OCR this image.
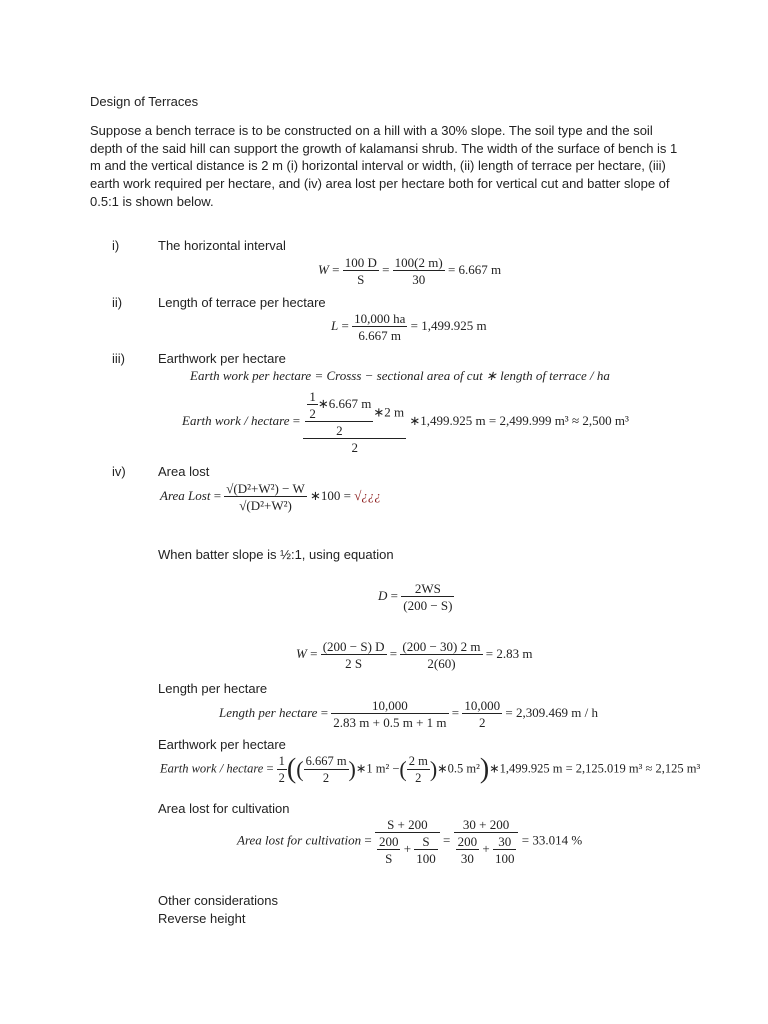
Design of Terraces
Suppose a bench terrace is to be constructed on a hill with a 30% slope. The soil type and the soil depth of the said hill can support the growth of kalamansi shrub. The width of the surface of bench is 1 m and the vertical distance is 2 m (i) horizontal interval or width, (ii) length of terrace per hectare, (iii) earth work required per hectare, and (iv) area lost per hectare both for vertical cut and batter slope of 0.5:1 is shown below.
i)	The horizontal interval
$W = \frac{100 D}{S} = \frac{100(2 m)}{30} = 6.667$ m
ii)	Length of terrace per hectare
$L = \frac{10,000 ha}{6.667 m} = 1,499.925$ m
iii)	Earthwork per hectare
Earth work per hectare = Crosss − sectional area of cut ∗ length of terrace / ha
Earth work / hectare = $\frac{\frac{\frac{1}{2} ∗6.667 m}{2} ∗2 m}{2}$ ∗1,499.925 m = 2,499.999 m³ ≈ 2,500 m³
iv) Area lost
Area Lost = $\frac{\text{√(D²+W²) − W}}{\text{√(D²+W²)}}$ ∗100 = √¿¿¿
When batter slope is ½:1, using equation
$D = \frac{2WS}{(200 - S)}$
$W = \frac{(200 - S) D}{2 S} = \frac{(200 - 30) 2 m}{2(60)} = 2.83$ m
Length per hectare
Length per hectare = $\frac{10,000}{2.83 m + 0.5 m + 1 m} = \frac{10,000}{2} = 2,309.469$ m / h
Earthwork per hectare
Earth work / hectare = $\frac{1}{2}$ (( $\frac{6.667 m}{2}$ )∗1 m² −( $\frac{2 m}{2}$ )∗0.5 m²)∗1,499.925 m = 2,125.019 m³ ≈ 2,125 m³
Area lost for cultivation
Area lost for cultivation = $\frac{S + 200}{\frac{200}{S} + \frac{S}{100}} = \frac{30 + 200}{\frac{200}{30} + \frac{30}{100}} = 33.014$ %
Other considerations
Reverse height
